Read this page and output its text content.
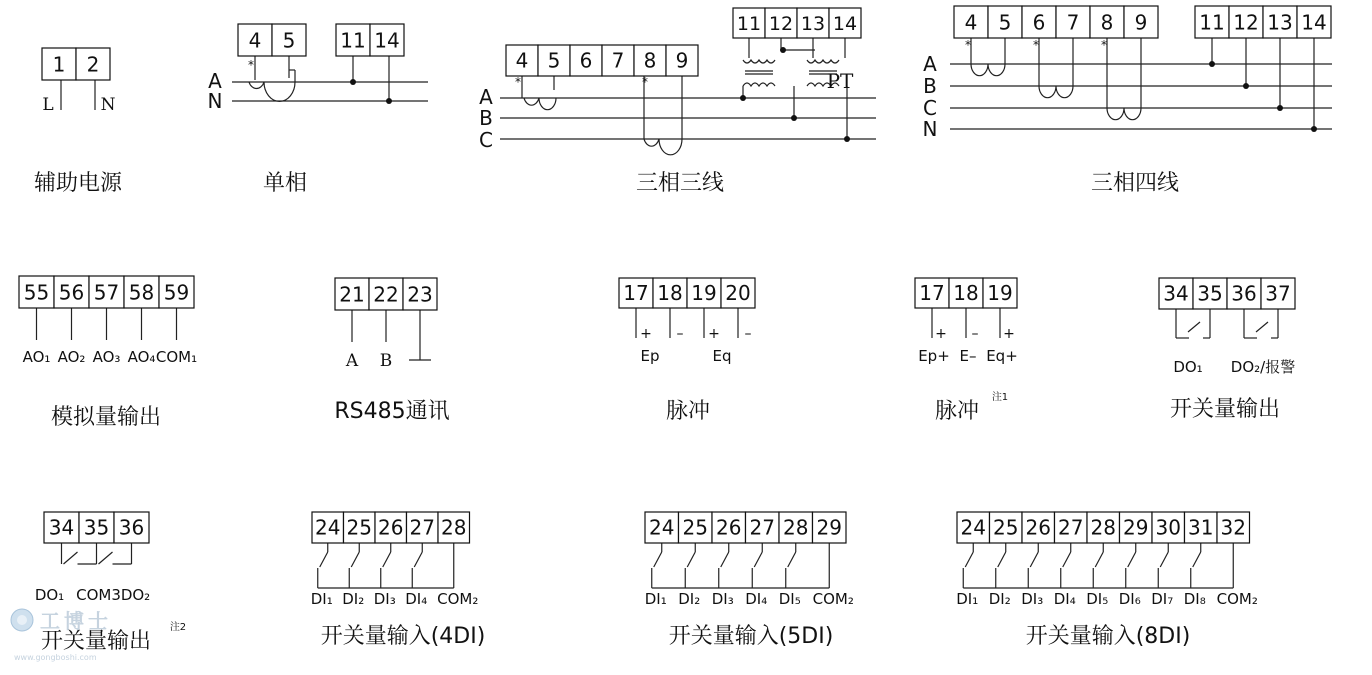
1 2
L	N
辅助电源
4 5 11 14
A
N
*
单相
4 5 6 7 8 9
11 12 13 14
A
B
C
*	*	PT
三相三线
4 5 6 7 8 9	11 12 13 14
A
B
C
N
*	*	*
三相四线
55 56 57 58 59
AO₁ AO₂ AO₃ AO₄ COM₁
模拟量输出
21 22 23
A B
RS485通讯
17 18 19 20
+ – + –
Ep	Eq
脉冲
17 18 19
+ – +
Ep+ E– Eq+
脉冲
注1
34 35 36 37
DO₁ DO₂/报警
开关量输出
34 35 36
DO₁ COM3 DO₂
开关量输出
注2
24 25 26 27 28
DI₁ DI₂ DI₃ DI₄ COM₂
开关量输入(4DI)
24 25 26 27 28 29
DI₁ DI₂ DI₃ DI₄ DI₅ COM₂
开关量输入(5DI)
24 25 26 27 28 29 30 31 32
DI₁ DI₂ DI₃ DI₄ DI₅ DI₆ DI₇ DI₈ COM₂
开关量输入(8DI)
工博士
www.gongboshi.com
